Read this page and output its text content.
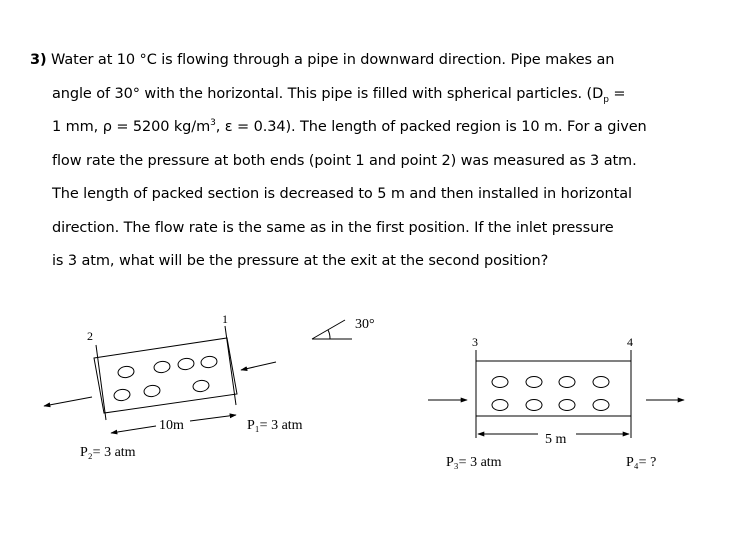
3) Water at 10 °C is flowing through a pipe in downward direction. Pipe makes an
angle of 30° with the horizontal. This pipe is filled with spherical particles. ($D_p$ =
1 mm, ρ = 5200 $kg/m^3$, ε = 0.34). The length of packed region is 10 m. For a given
flow rate the pressure at both ends (point 1 and point 2) was measured as 3 atm.
The length of packed section is decreased to 5 m and then installed in horizontal
direction. The flow rate is the same as in the first position. If the inlet pressure
is 3 atm, what will be the pressure at the exit at the second position?
1
2
10m	P₁= 3 atm
P₂= 3 atm
30°
3	4
5 m
P₃= 3 atm	P₄= ?
